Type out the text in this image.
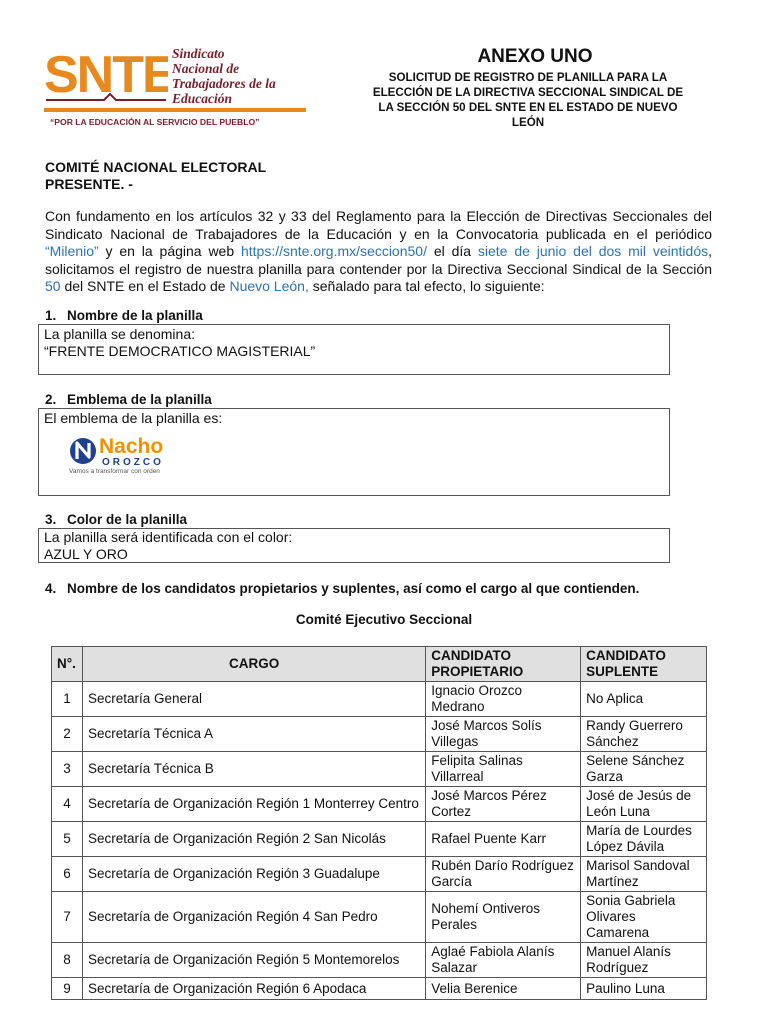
SNTE
Sindicato
Nacional de
Trabajadores de la
Educación
“POR LA EDUCACIÓN AL SERVICIO DEL PUEBLO”
ANEXO UNO
SOLICITUD DE REGISTRO DE PLANILLA PARA LA
ELECCIÓN DE LA DIRECTIVA SECCIONAL SINDICAL DE
LA SECCIÓN 50 DEL SNTE EN EL ESTADO DE NUEVO
LEÓN
COMITÉ NACIONAL ELECTORAL
PRESENTE. -
Con fundamento en los artículos 32 y 33 del Reglamento para la Elección de Directivas Seccionales del Sindicato Nacional de Trabajadores de la Educación y en la Convocatoria publicada en el periódico “Milenio” y en la página web https://snte.org.mx/seccion50/ el día siete de junio del dos mil veintidós, solicitamos el registro de nuestra planilla para contender por la Directiva Seccional Sindical de la Sección 50 del SNTE en el Estado de Nuevo León, señalado para tal efecto, lo siguiente:
1. Nombre de la planilla
La planilla se denomina:
“FRENTE DEMOCRATICO MAGISTERIAL”
2. Emblema de la planilla
El emblema de la planilla es:
Nacho
OROZCO
Vamos a transformar con orden
3. Color de la planilla
La planilla será identificada con el color:
AZUL Y ORO
4. Nombre de los candidatos propietarios y suplentes, así como el cargo al que contienden.
Comité Ejecutivo Seccional
N°.	CARGO	CANDIDATO PROPIETARIO	CANDIDATO SUPLENTE
1	Secretaría General	Ignacio Orozco Medrano	No Aplica
2	Secretaría Técnica A	José Marcos Solís Villegas	Randy Guerrero Sánchez
3	Secretaría Técnica B	Felipita Salinas Villarreal	Selene Sánchez Garza
4	Secretaría de Organización Región 1 Monterrey Centro	José Marcos Pérez Cortez	José de Jesús de León Luna
5	Secretaría de Organización Región 2 San Nicolás	Rafael Puente Karr	María de Lourdes López Dávila
6	Secretaría de Organización Región 3 Guadalupe	Rubén Darío Rodríguez García	Marisol Sandoval Martínez
7	Secretaría de Organización Región 4 San Pedro	Nohemí Ontiveros Perales	Sonia Gabriela Olivares Camarena
8	Secretaría de Organización Región 5 Montemorelos	Aglaé Fabiola Alanís Salazar	Manuel Alanís Rodríguez
9	Secretaría de Organización Región 6 Apodaca	Velia Berenice	Paulino Luna
